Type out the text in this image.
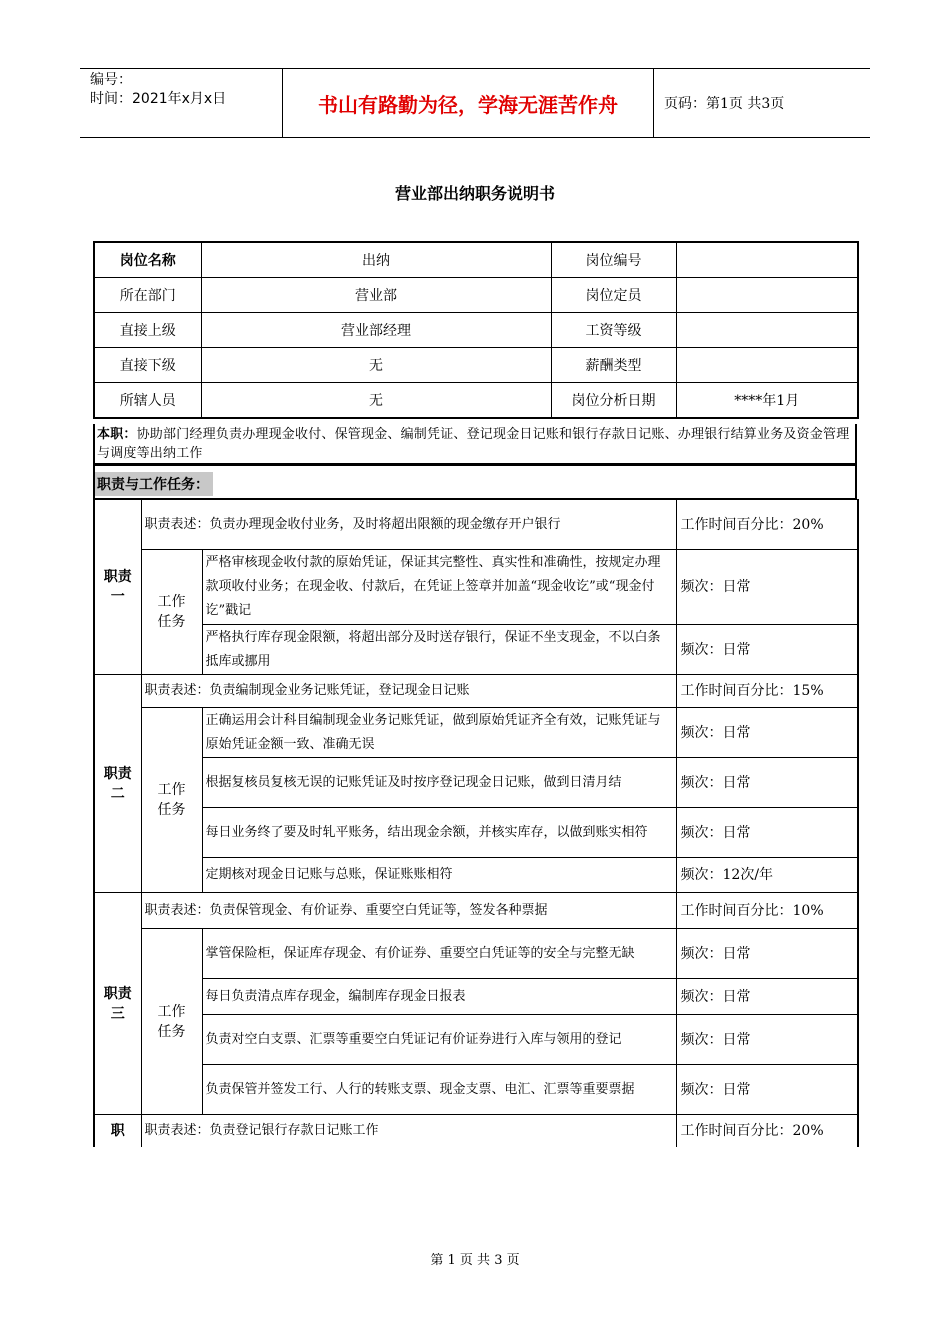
编号：
时间：2021年x月x日	书山有路勤为径，学海无涯苦作舟	页码：第1页 共3页
营业部出纳职务说明书
岗位名称	出纳	岗位编号	
所在部门	营业部	岗位定员	
直接上级	营业部经理	工资等级	
直接下级	无	薪酬类型	
所辖人员	无	岗位分析日期	****年1月
本职：协助部门经理负责办理现金收付、保管现金、编制凭证、登记现金日记账和银行存款日记账、办理银行结算业务及资金管理与调度等出纳工作
职责与工作任务：
职责一	职责表述：负责办理现金收付业务，及时将超出限额的现金缴存开户银行		工作时间百分比：20%
	工作任务	严格审核现金收付款的原始凭证，保证其完整性、真实性和准确性，按规定办理款项收付业务；在现金收、付款后，在凭证上签章并加盖“现金收讫”或“现金付讫”戳记	频次：日常
		严格执行库存现金限额，将超出部分及时送存银行，保证不坐支现金，不以白条抵库或挪用	频次：日常
职责二	职责表述：负责编制现金业务记账凭证，登记现金日记账		工作时间百分比：15%
	工作任务	正确运用会计科目编制现金业务记账凭证，做到原始凭证齐全有效，记账凭证与原始凭证金额一致、准确无误	频次：日常
		根据复核员复核无误的记账凭证及时按序登记现金日记账，做到日清月结	频次：日常
		每日业务终了要及时轧平账务，结出现金余额，并核实库存，以做到账实相符	频次：日常
		定期核对现金日记账与总账，保证账账相符	频次：12次/年
职责三	职责表述：负责保管现金、有价证券、重要空白凭证等，签发各种票据		工作时间百分比：10%
	工作任务	掌管保险柜，保证库存现金、有价证券、重要空白凭证等的安全与完整无缺	频次：日常
		每日负责清点库存现金，编制库存现金日报表	频次：日常
		负责对空白支票、汇票等重要空白凭证记有价证券进行入库与领用的登记	频次：日常
		负责保管并签发工行、人行的转账支票、现金支票、电汇、汇票等重要票据	频次：日常
职	职责表述：负责登记银行存款日记账工作		工作时间百分比：20%
第 1 页 共 3 页
